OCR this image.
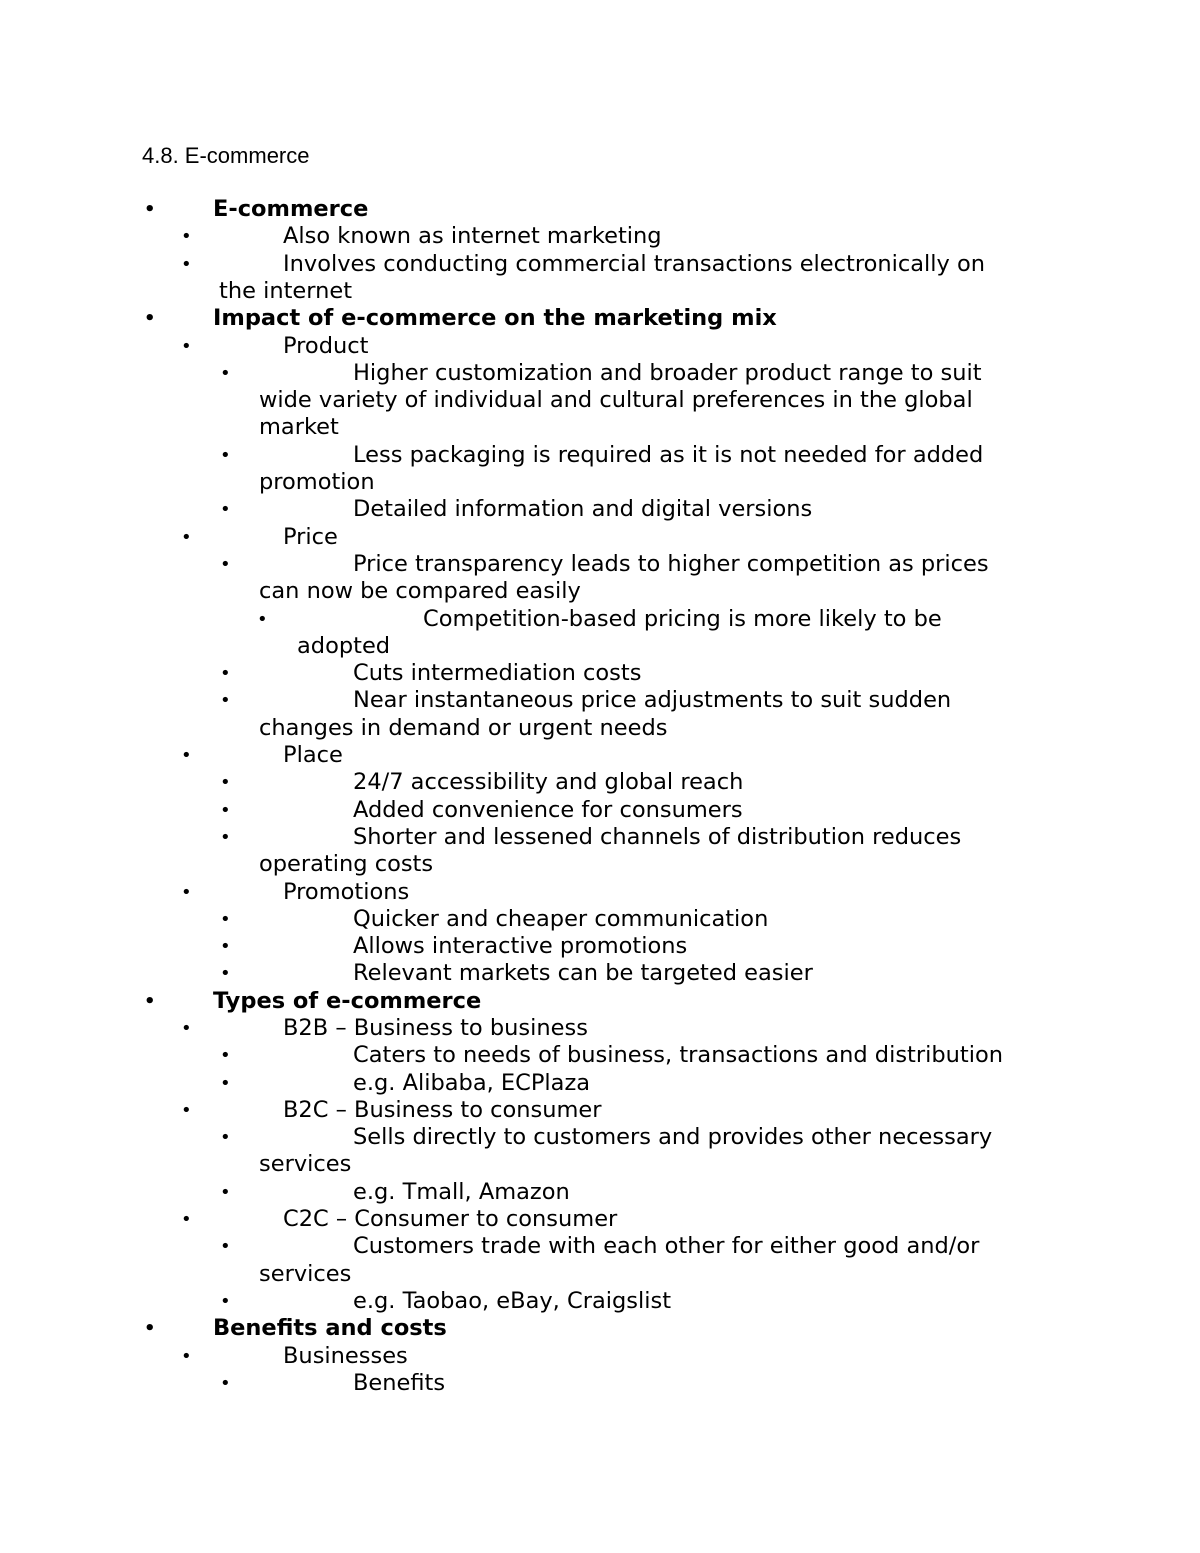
4.8. E-commerce
•	E-commerce
•	Also known as internet marketing
•	Involves conducting commercial transactions electronically on
the internet
•	Impact of e-commerce on the marketing mix
•	Product
•	Higher customization and broader product range to suit
wide variety of individual and cultural preferences in the global
market
•	Less packaging is required as it is not needed for added
promotion
•	Detailed information and digital versions
•	Price
•	Price transparency leads to higher competition as prices
can now be compared easily
•	Competition-based pricing is more likely to be
adopted
•	Cuts intermediation costs
•	Near instantaneous price adjustments to suit sudden
changes in demand or urgent needs
•	Place
•	24/7 accessibility and global reach
•	Added convenience for consumers
•	Shorter and lessened channels of distribution reduces
operating costs
•	Promotions
•	Quicker and cheaper communication
•	Allows interactive promotions
•	Relevant markets can be targeted easier
•	Types of e-commerce
•	B2B – Business to business
•	Caters to needs of business, transactions and distribution
•	e.g. Alibaba, ECPlaza
•	B2C – Business to consumer
•	Sells directly to customers and provides other necessary
services
•	e.g. Tmall, Amazon
•	C2C – Consumer to consumer
•	Customers trade with each other for either good and/or
services
•	e.g. Taobao, eBay, Craigslist
•	Benefits and costs
•	Businesses
•	Benefits
